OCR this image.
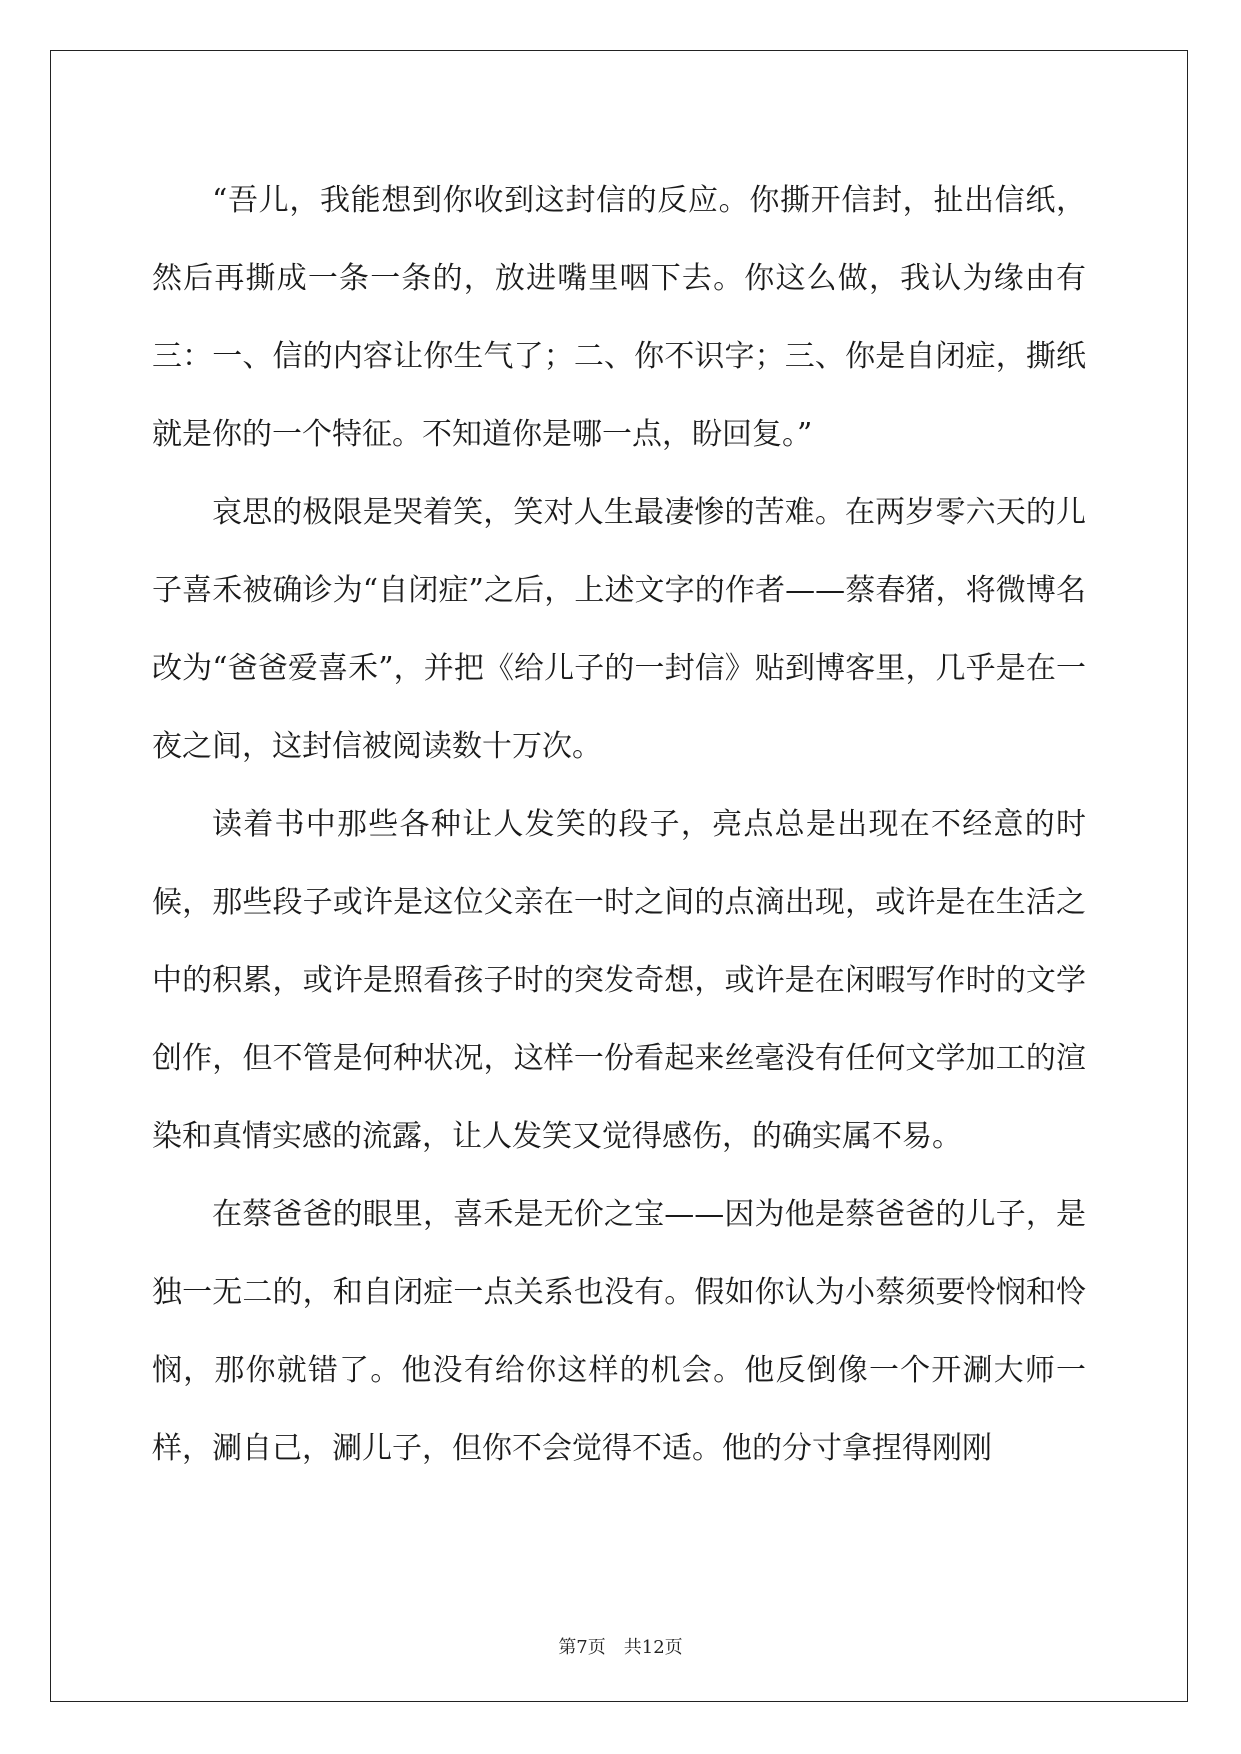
“吾儿，我能想到你收到这封信的反应。你撕开信封，扯出信纸，然后再撕成一条一条的，放进嘴里咽下去。你这么做，我认为缘由有三：一、信的内容让你生气了；二、你不识字；三、你是自闭症，撕纸就是你的一个特征。不知道你是哪一点，盼回复。”

哀思的极限是哭着笑，笑对人生最凄惨的苦难。在两岁零六天的儿子喜禾被确诊为“自闭症”之后，上述文字的作者——蔡春猪，将微博名改为“爸爸爱喜禾”，并把《给儿子的一封信》贴到博客里，几乎是在一夜之间，这封信被阅读数十万次。

读着书中那些各种让人发笑的段子，亮点总是出现在不经意的时候，那些段子或许是这位父亲在一时之间的点滴出现，或许是在生活之中的积累，或许是照看孩子时的突发奇想，或许是在闲暇写作时的文学创作，但不管是何种状况，这样一份看起来丝毫没有任何文学加工的渲染和真情实感的流露，让人发笑又觉得感伤，的确实属不易。

在蔡爸爸的眼里，喜禾是无价之宝——因为他是蔡爸爸的儿子，是独一无二的，和自闭症一点关系也没有。假如你认为小蔡须要怜悯和怜悯，那你就错了。他没有给你这样的机会。他反倒像一个开涮大师一样，涮自己，涮儿子，但你不会觉得不适。他的分寸拿捏得刚刚

第7页 共12页
